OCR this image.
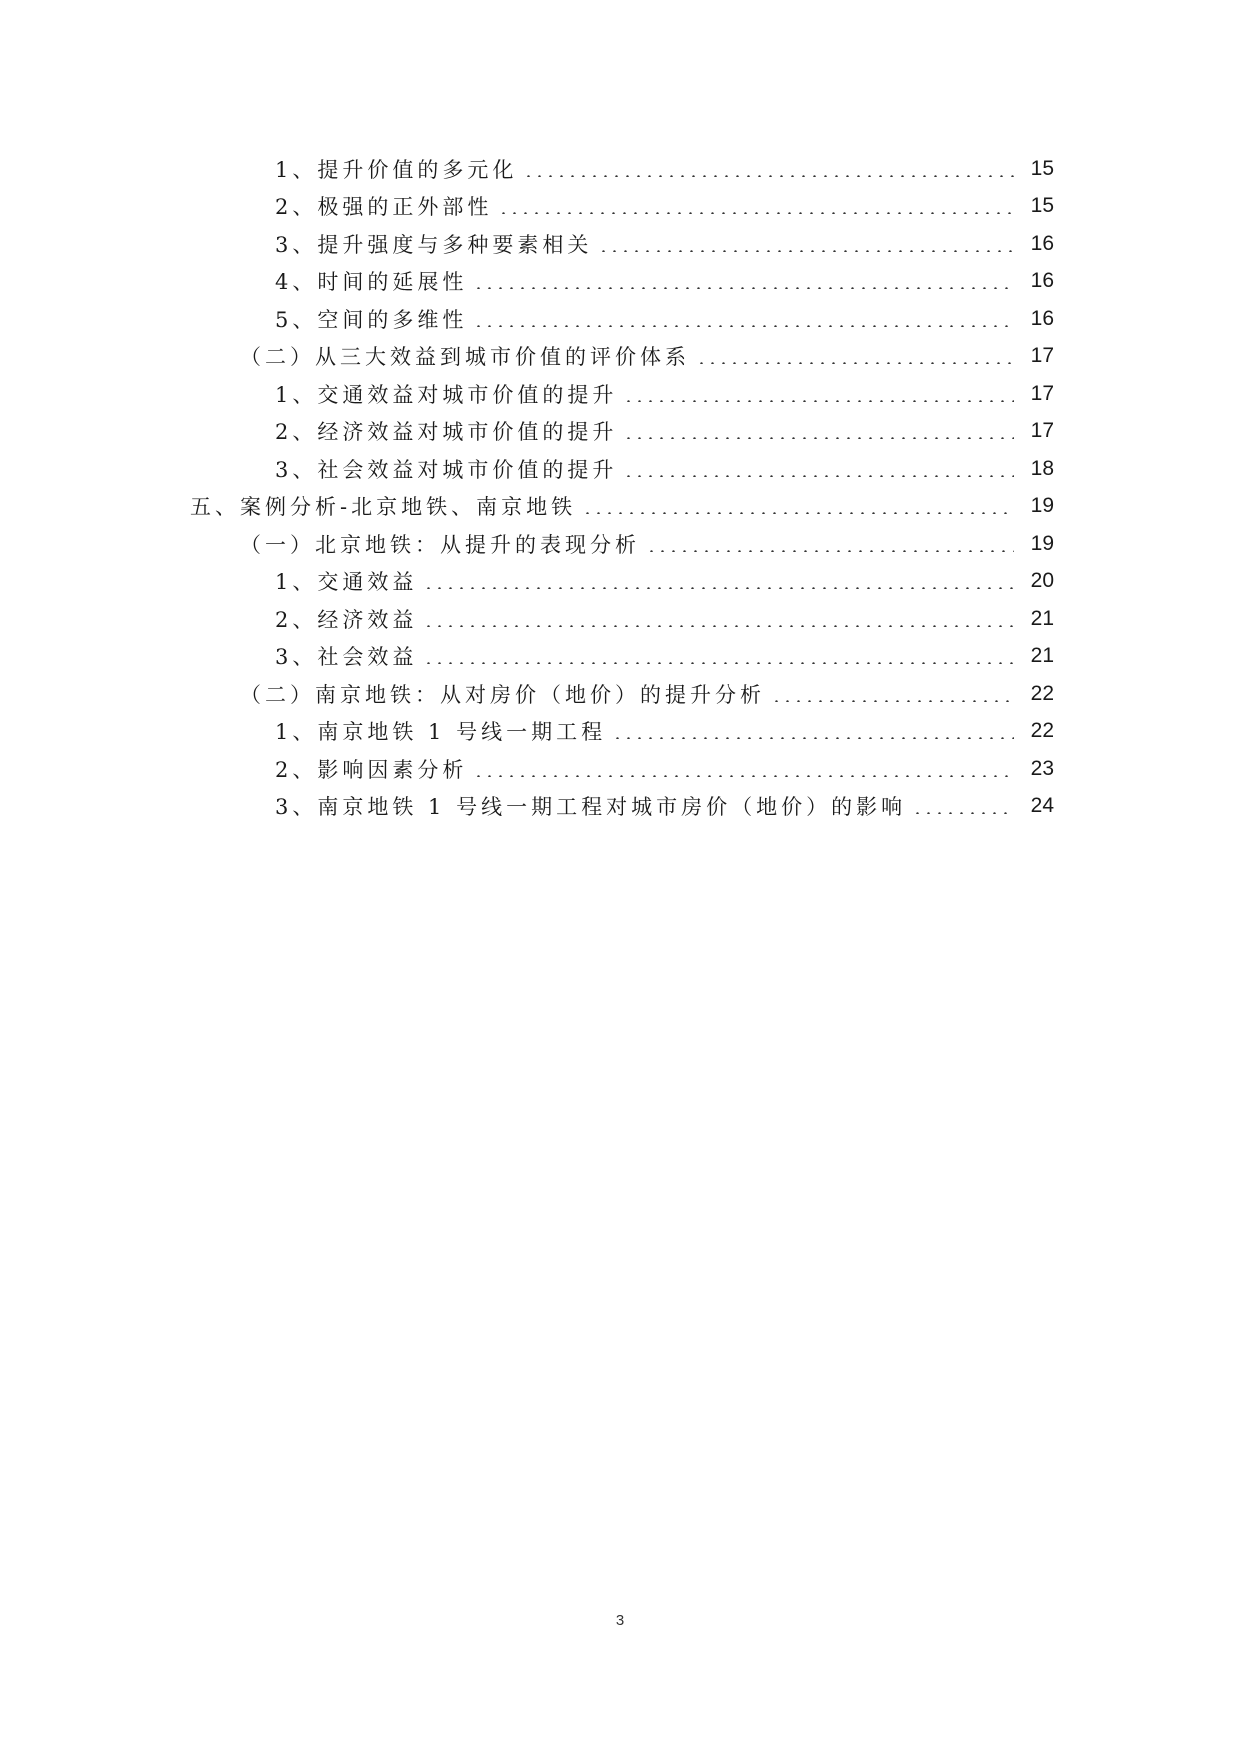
1、提升价值的多元化	15
2、极强的正外部性	15
3、提升强度与多种要素相关	16
4、时间的延展性	16
5、空间的多维性	16
（二）从三大效益到城市价值的评价体系	17
1、交通效益对城市价值的提升	17
2、经济效益对城市价值的提升	17
3、社会效益对城市价值的提升	18
五、案例分析-北京地铁、南京地铁	19
（一）北京地铁：从提升的表现分析	19
1、交通效益	20
2、经济效益	21
3、社会效益	21
（二）南京地铁：从对房价（地价）的提升分析	22
1、南京地铁 1 号线一期工程	22
2、影响因素分析	23
3、南京地铁 1 号线一期工程对城市房价（地价）的影响	24
3
